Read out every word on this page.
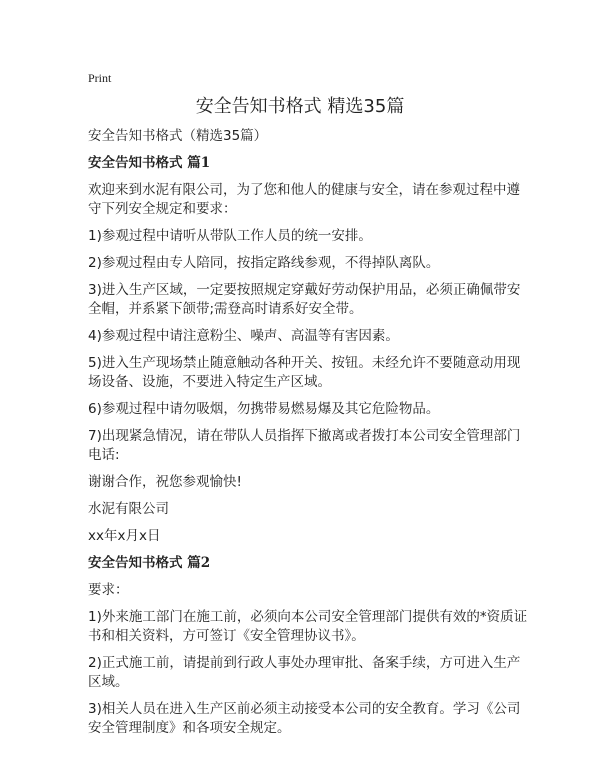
Print
安全告知书格式 精选35篇

安全告知书格式（精选35篇）

安全告知书格式 篇1

欢迎来到水泥有限公司，为了您和他人的健康与安全，请在参观过程中遵守下列安全规定和要求：

1)参观过程中请听从带队工作人员的统一安排。

2)参观过程由专人陪同，按指定路线参观，不得掉队离队。

3)进入生产区域，一定要按照规定穿戴好劳动保护用品，必须正确佩带安全帽，并系紧下颌带;需登高时请系好安全带。

4)参观过程中请注意粉尘、噪声、高温等有害因素。

5)进入生产现场禁止随意触动各种开关、按钮。未经允许不要随意动用现场设备、设施，不要进入特定生产区域。

6)参观过程中请勿吸烟，勿携带易燃易爆及其它危险物品。

7)出现紧急情况，请在带队人员指挥下撤离或者拨打本公司安全管理部门电话:

谢谢合作，祝您参观愉快!

水泥有限公司

xx年x月x日

安全告知书格式 篇2

要求：

1)外来施工部门在施工前，必须向本公司安全管理部门提供有效的*资质证书和相关资料，方可签订《安全管理协议书》。

2)正式施工前，请提前到行政人事处办理审批、备案手续，方可进入生产区域。

3)相关人员在进入生产区前必须主动接受本公司的安全教育。学习《公司安全管理制度》和各项安全规定。
